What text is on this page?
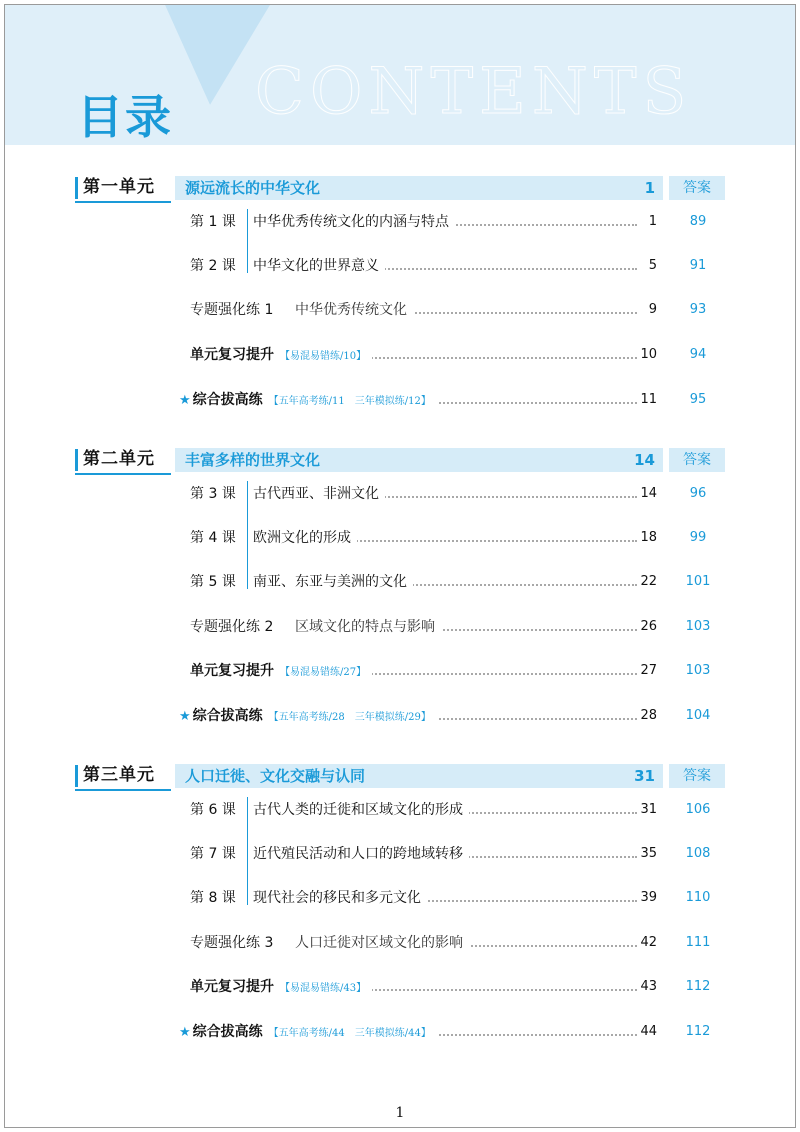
CONTENTS
目录
第一单元	源远流长的中华文化	1	答案
第 1 课 中华优秀传统文化的内涵与特点	1	89
第 2 课 中华文化的世界意义	5	91
专题强化练 1 中华优秀传统文化	9	93
单元复习提升 【易混易错练/10】	10	94
★ 综合拔高练 【五年高考练/11　三年模拟练/12】	11	95
第二单元	丰富多样的世界文化	14	答案
第 3 课 古代西亚、非洲文化	14	96
第 4 课 欧洲文化的形成	18	99
第 5 课 南亚、东亚与美洲的文化	22	101
专题强化练 2 区域文化的特点与影响	26	103
单元复习提升 【易混易错练/27】	27	103
★ 综合拔高练 【五年高考练/28　三年模拟练/29】	28	104
第三单元	人口迁徙、文化交融与认同	31	答案
第 6 课 古代人类的迁徙和区域文化的形成	31	106
第 7 课 近代殖民活动和人口的跨地域转移	35	108
第 8 课 现代社会的移民和多元文化	39	110
专题强化练 3 人口迁徙对区域文化的影响	42	111
单元复习提升 【易混易错练/43】	43	112
★ 综合拔高练 【五年高考练/44　三年模拟练/44】	44	112
1
